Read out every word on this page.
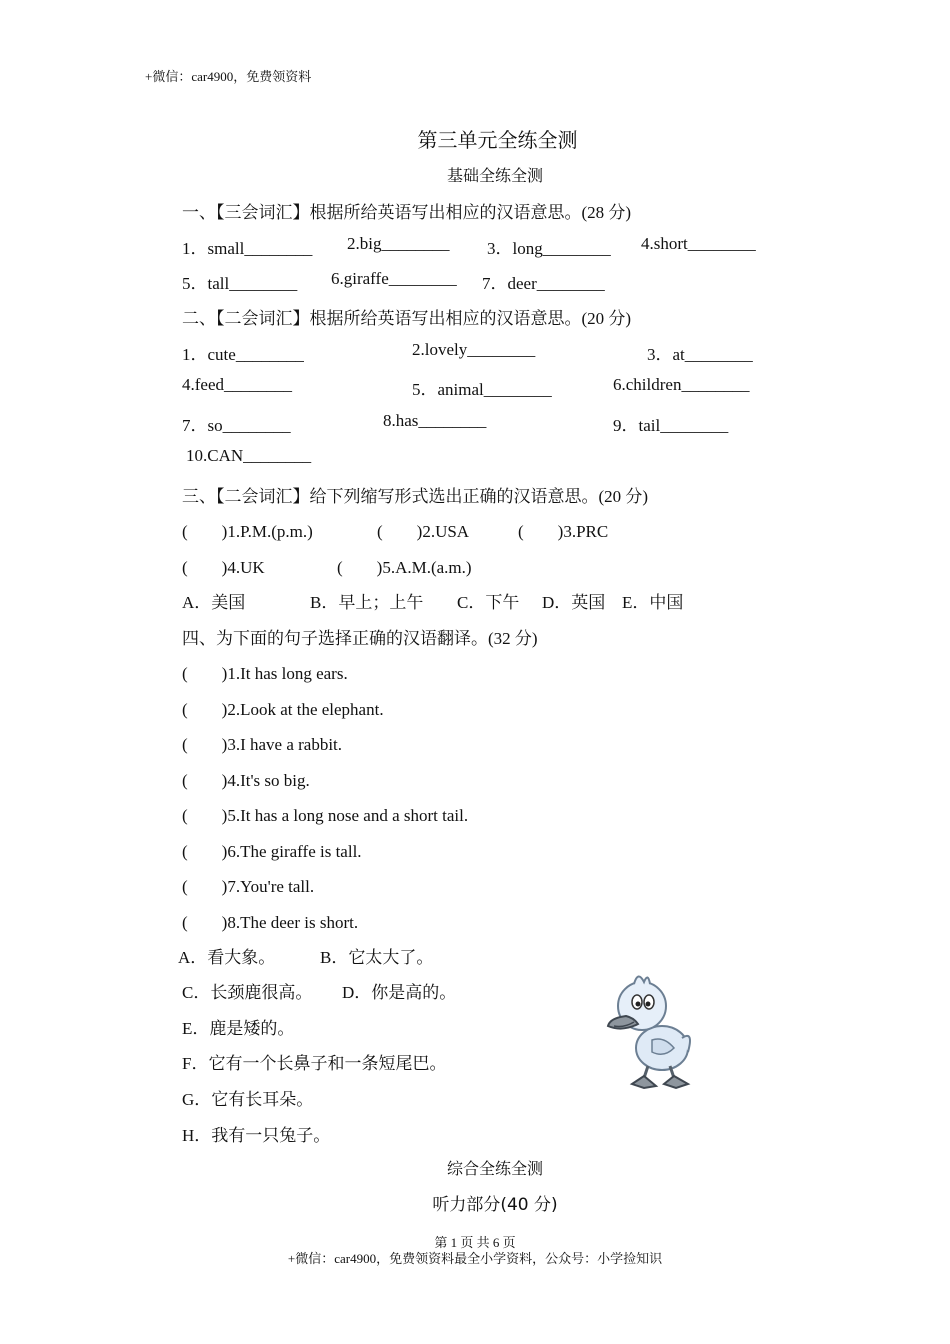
+微信：car4900，免费领资料
第三单元全练全测
基础全练全测
一、【三会词汇】根据所给英语写出相应的汉语意思。(28 分)
1．small________ 2.big________ 3．long________ 4.short________
5．tall________ 6.giraffe________ 7．deer________
二、【二会词汇】根据所给英语写出相应的汉语意思。(20 分)
1．cute________	2.lovely________	3．at________
4.feed________	5．animal________	6.children________
7．so________	8.has________	9．tail________
10.CAN________
三、【二会词汇】给下列缩写形式选出正确的汉语意思。(20 分)
(　　)1.P.M.(p.m.)	(　　)2.USA	(　　)3.PRC
(　　)4.UK	(　　)5.A.M.(a.m.)
A．美国	B．早上；上午 C．下午 D．英国 E．中国
四、为下面的句子选择正确的汉语翻译。(32 分)
(　　)1.It has long ears.
(　　)2.Look at the elephant.
(　　)3.I have a rabbit.
(　　)4.It's so big.
(　　)5.It has a long nose and a short tail.
(　　)6.The giraffe is tall.
(　　)7.You're tall.
(　　)8.The deer is short.
A．看大象。	B．它太大了。
C．长颈鹿很高。 D．你是高的。
E．鹿是矮的。
F．它有一个长鼻子和一条短尾巴。
G．它有长耳朵。
H．我有一只兔子。
综合全练全测
听力部分(40 分)
第 1 页 共 6 页
+微信：car4900，免费领资料最全小学资料，公众号：小学捡知识
